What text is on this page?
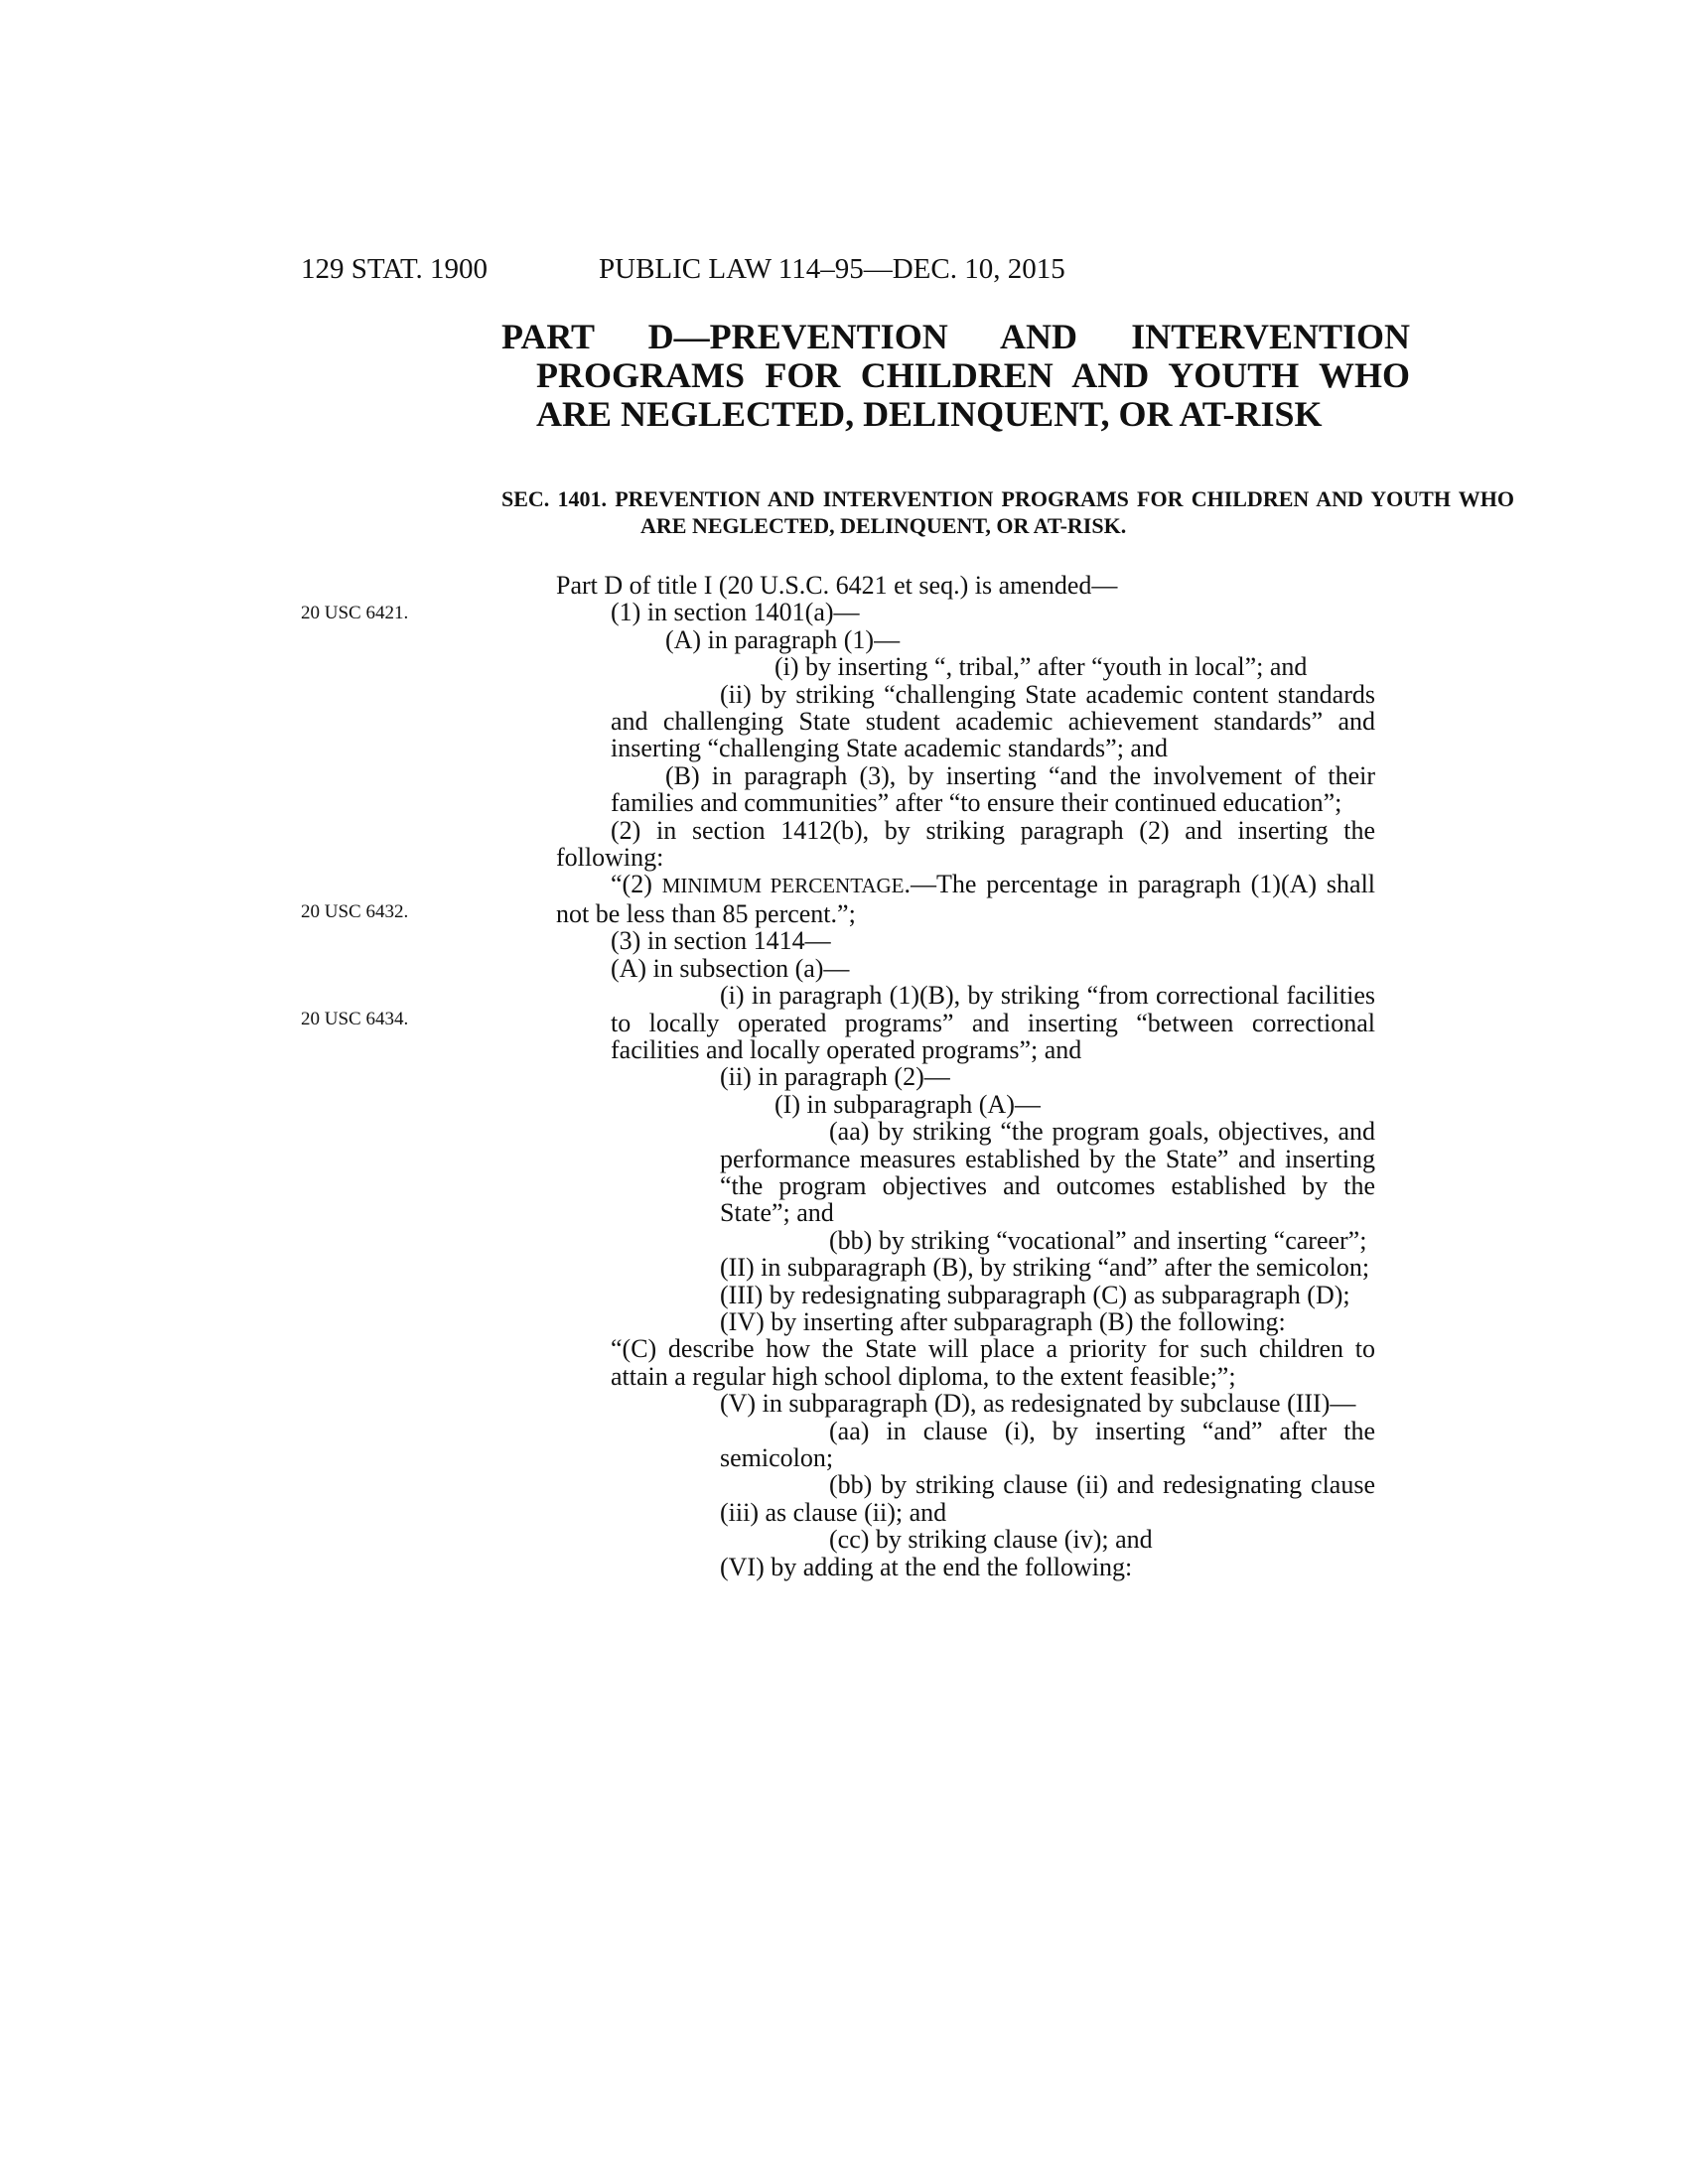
129 STAT. 1900	PUBLIC LAW 114–95—DEC. 10, 2015
PART D—PREVENTION AND INTERVENTION PROGRAMS FOR CHILDREN AND YOUTH WHO ARE NEGLECTED, DELINQUENT, OR AT-RISK
SEC. 1401. PREVENTION AND INTERVENTION PROGRAMS FOR CHILDREN AND YOUTH WHO ARE NEGLECTED, DELINQUENT, OR AT-RISK.
20 USC 6421.
20 USC 6432.
20 USC 6434.

Part D of title I (20 U.S.C. 6421 et seq.) is amended—

(1) in section 1401(a)—

(A) in paragraph (1)—

(i) by inserting “, tribal,” after “youth in local”; and

(ii) by striking “challenging State academic content standards and challenging State student academic achievement standards” and inserting “challenging State academic standards”; and

(B) in paragraph (3), by inserting “and the involvement of their families and communities” after “to ensure their continued education”;

(2) in section 1412(b), by striking paragraph (2) and inserting the following:

“(2) MINIMUM PERCENTAGE.—The percentage in paragraph (1)(A) shall not be less than 85 percent.”;

(3) in section 1414—

(A) in subsection (a)—

(i) in paragraph (1)(B), by striking “from correctional facilities to locally operated programs” and inserting “between correctional facilities and locally operated programs”; and

(ii) in paragraph (2)—

(I) in subparagraph (A)—

(aa) by striking “the program goals, objectives, and performance measures established by the State” and inserting “the program objectives and outcomes established by the State”; and

(bb) by striking “vocational” and inserting “career”;

(II) in subparagraph (B), by striking “and” after the semicolon;

(III) by redesignating subparagraph (C) as subparagraph (D);

(IV) by inserting after subparagraph (B) the following:

“(C) describe how the State will place a priority for such children to attain a regular high school diploma, to the extent feasible;”;

(V) in subparagraph (D), as redesignated by subclause (III)—

(aa) in clause (i), by inserting “and” after the semicolon;

(bb) by striking clause (ii) and redesignating clause (iii) as clause (ii); and

(cc) by striking clause (iv); and

(VI) by adding at the end the following:
